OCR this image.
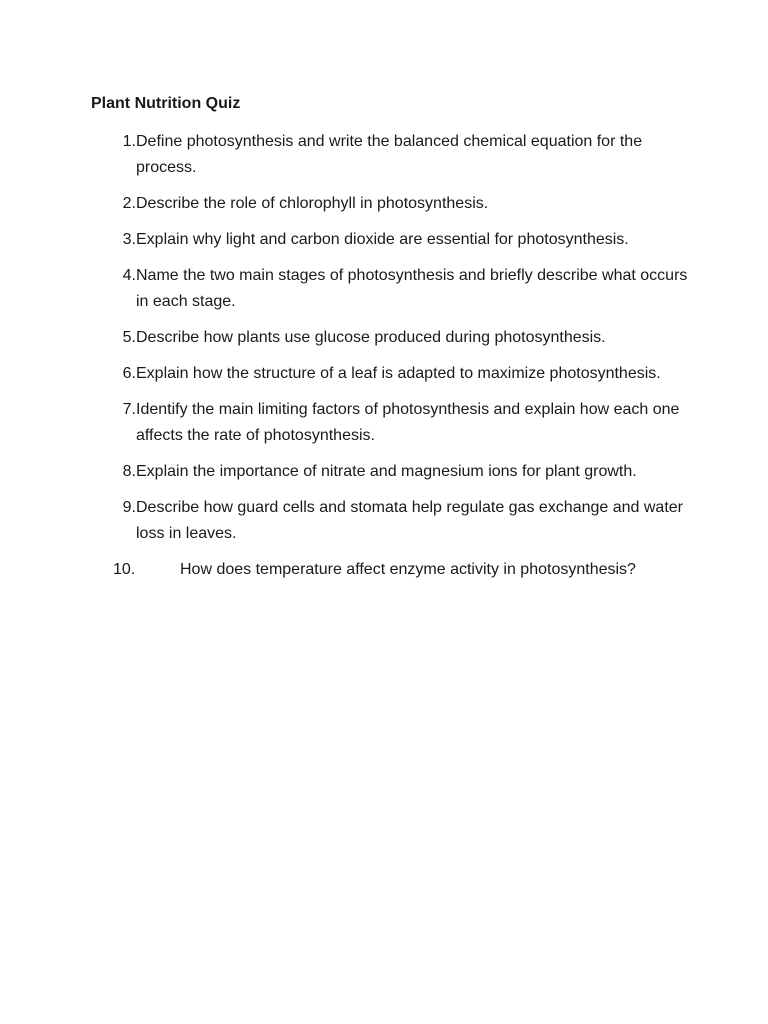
Plant Nutrition Quiz
1. Define photosynthesis and write the balanced chemical equation for the process.
2. Describe the role of chlorophyll in photosynthesis.
3. Explain why light and carbon dioxide are essential for photosynthesis.
4. Name the two main stages of photosynthesis and briefly describe what occurs in each stage.
5. Describe how plants use glucose produced during photosynthesis.
6. Explain how the structure of a leaf is adapted to maximize photosynthesis.
7. Identify the main limiting factors of photosynthesis and explain how each one affects the rate of photosynthesis.
8. Explain the importance of nitrate and magnesium ions for plant growth.
9. Describe how guard cells and stomata help regulate gas exchange and water loss in leaves.
10.	How does temperature affect enzyme activity in photosynthesis?
